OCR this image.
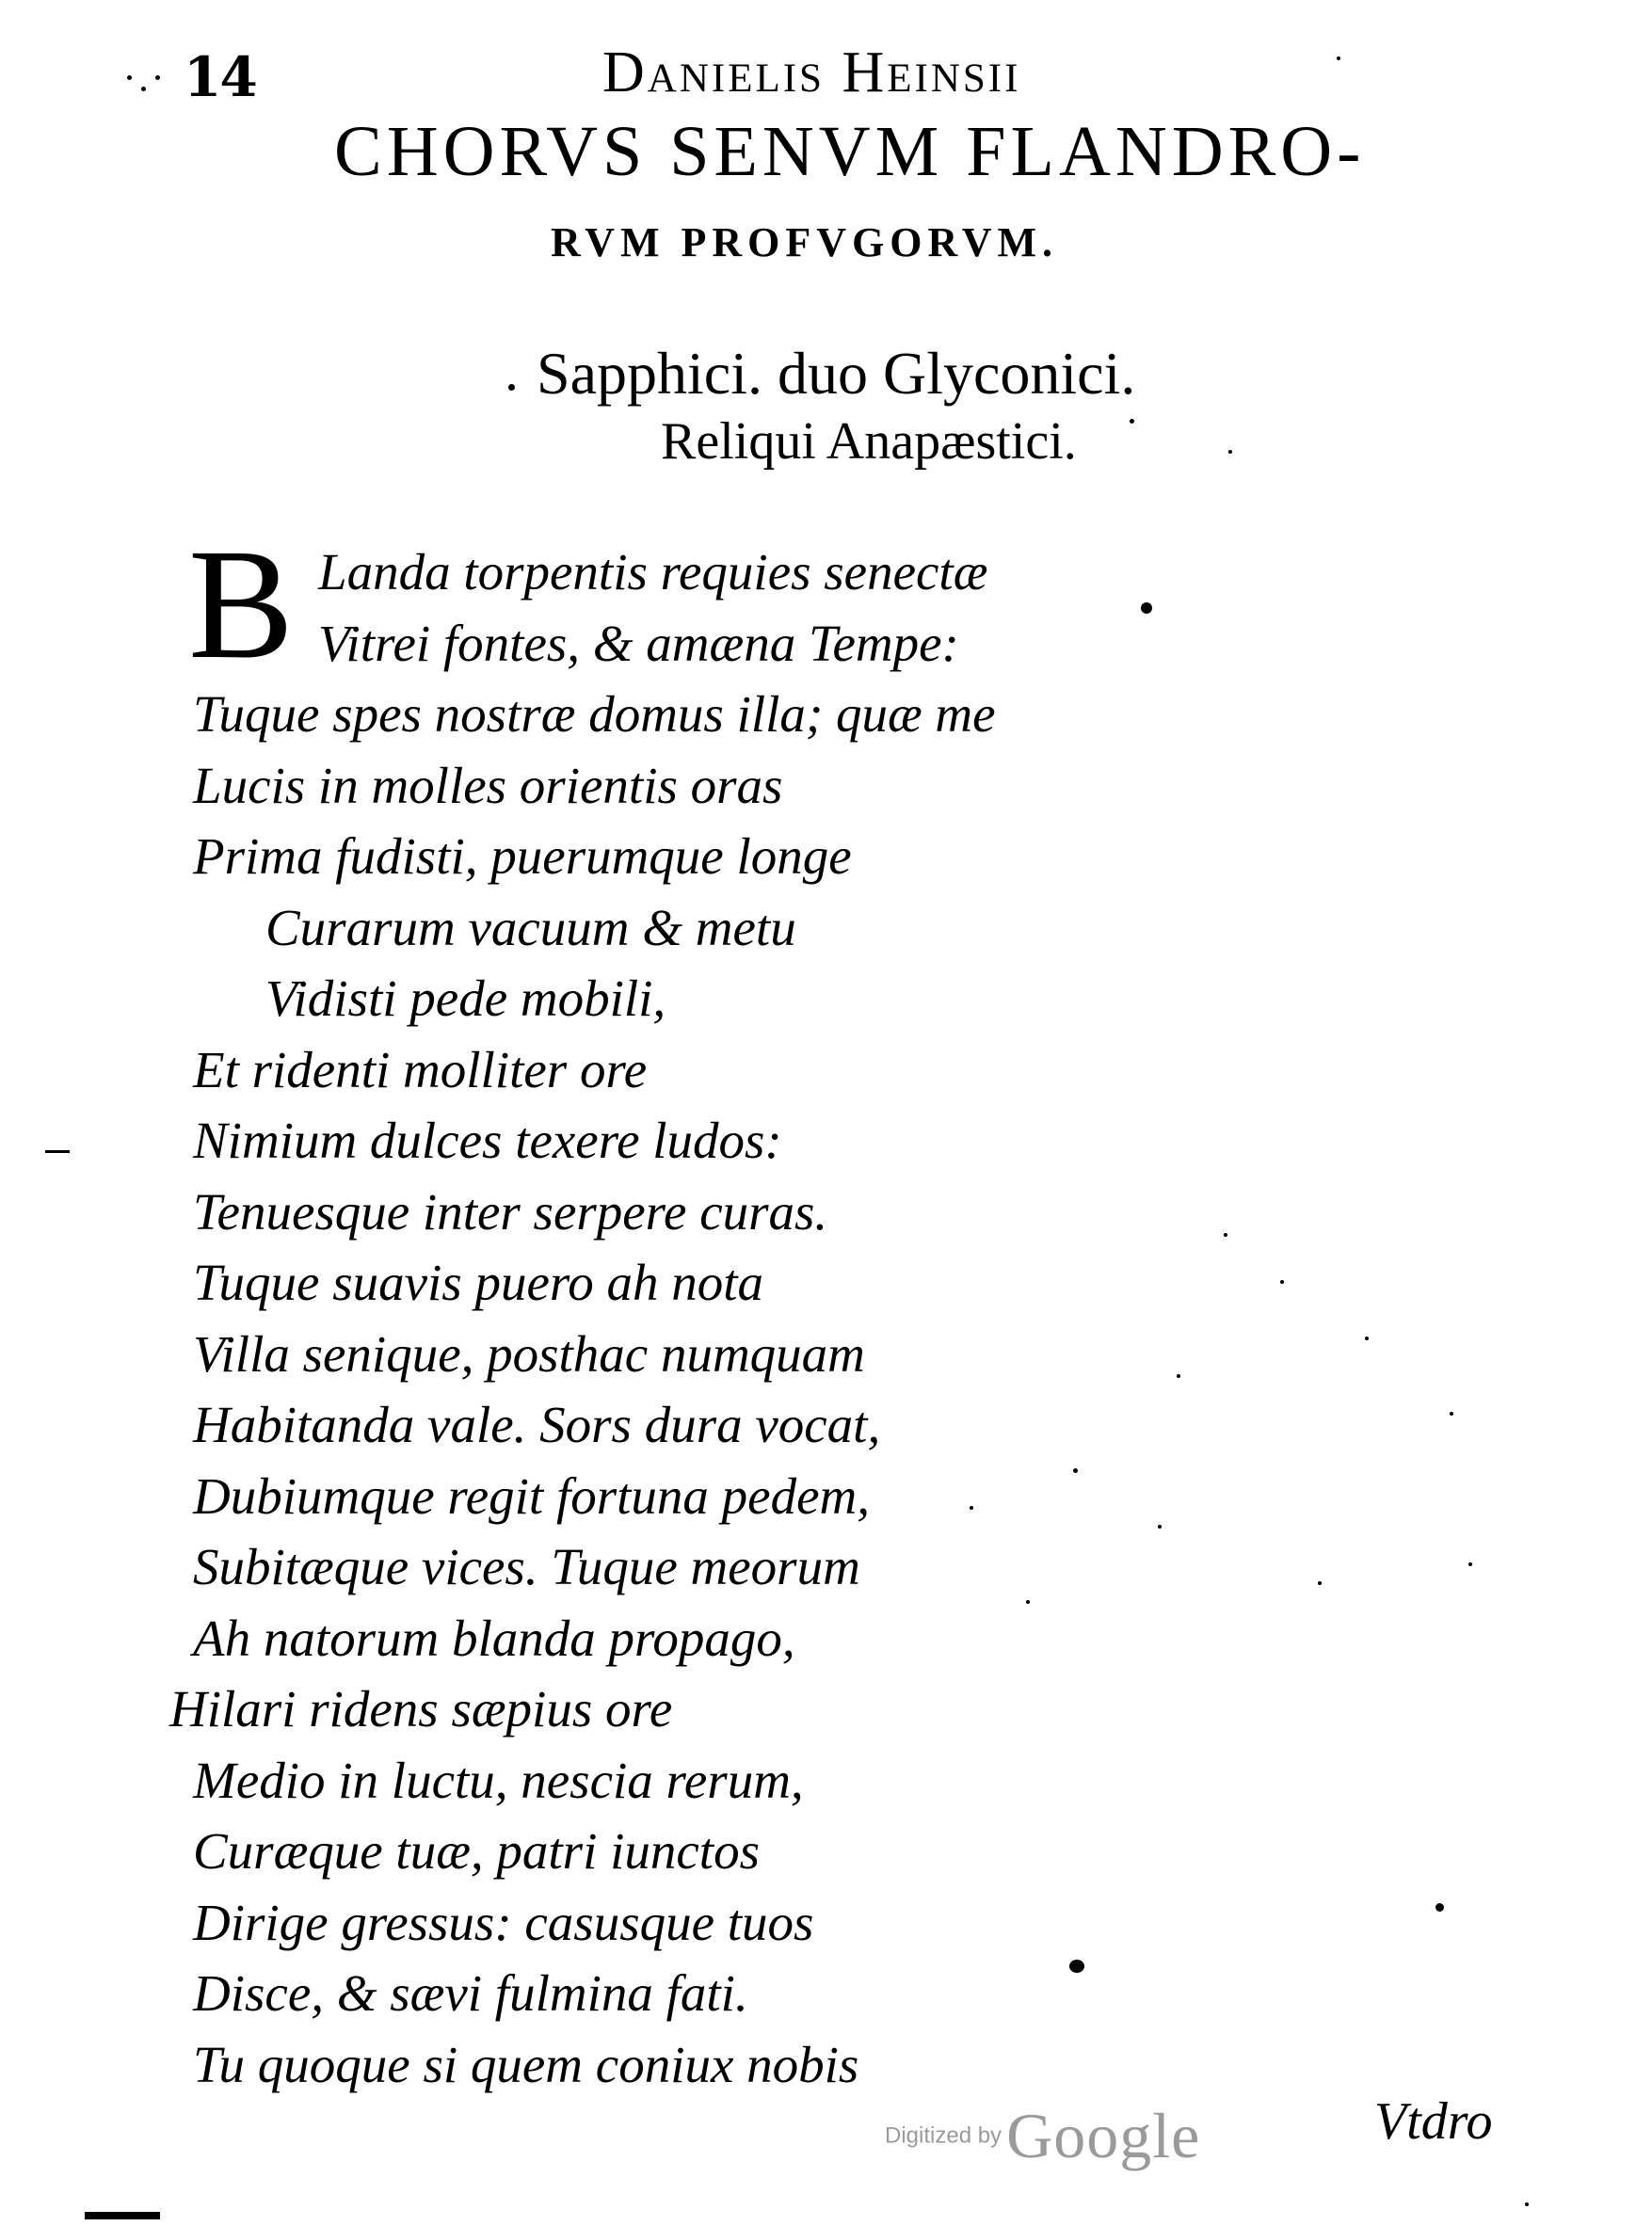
14	Danielis Heinsii
CHORVS SENVM FLANDRO-
RVM PROFVGORVM.
Sapphici. duo Glyconici.
Reliqui Anapæstici.
B Landa torpentis requies senectæ
Vitrei fontes, & amæna Tempe:
Tuque spes nostræ domus illa; quæ me
Lucis in molles orientis oras
Prima fudisti, puerumque longe
Curarum vacuum & metu
Vidisti pede mobili,
Et ridenti molliter ore
Nimium dulces texere ludos:
Tenuesque inter serpere curas.
Tuque suavis puero ah nota
Villa senique, posthac numquam
Habitanda vale. Sors dura vocat,
Dubiumque regit fortuna pedem,
Subitæque vices. Tuque meorum
Ah natorum blanda propago,
Hilari ridens sæpius ore
Medio in luctu, nescia rerum,
Curæque tuæ, patri iunctos
Dirige gressus: casusque tuos
Disce, & sævi fulmina fati.
Tu quoque si quem coniux nobis
Vtdro
Digitized by Google
